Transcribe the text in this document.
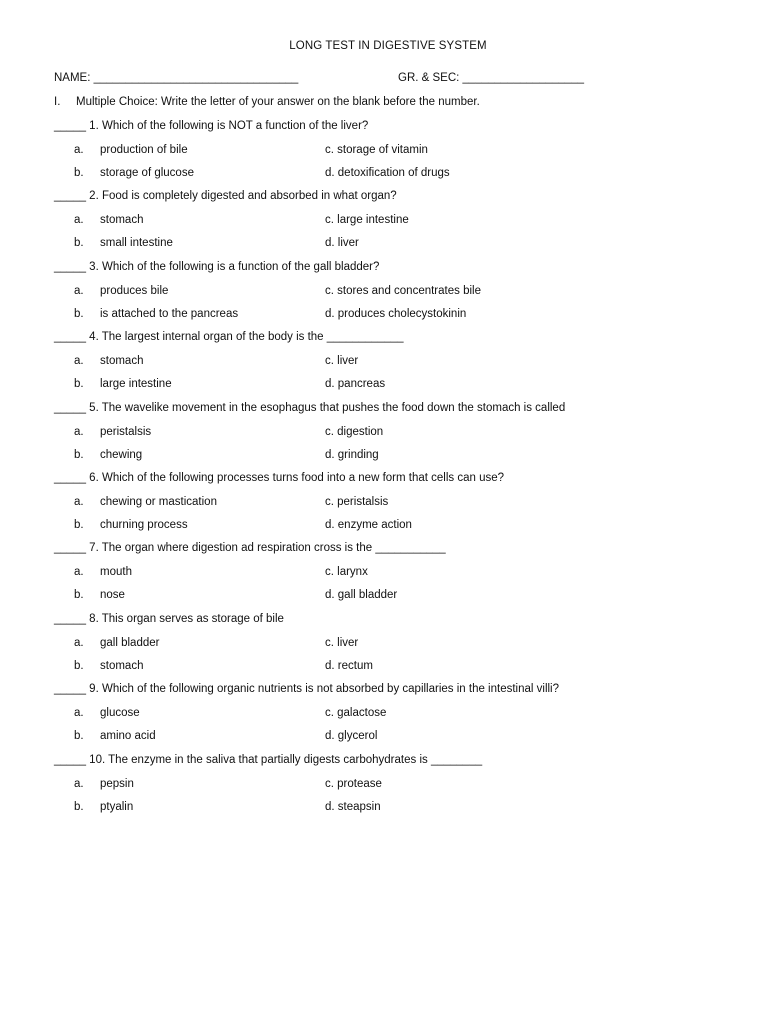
LONG TEST IN DIGESTIVE SYSTEM
NAME: ________________________________	GR. & SEC: ___________________
I. Multiple Choice: Write the letter of your answer on the blank before the number.
_____ 1. Which of the following is NOT a function of the liver?
a. production of bile	c. storage of vitamin
b. storage of glucose	d. detoxification of drugs
_____ 2. Food is completely digested and absorbed in what organ?
a. stomach	c. large intestine
b. small intestine	d. liver
_____ 3. Which of the following is a function of the gall bladder?
a. produces bile	c. stores and concentrates bile
b. is attached to the pancreas	d. produces cholecystokinin
_____ 4. The largest internal organ of the body is the ____________
a. stomach	c. liver
b. large intestine	d. pancreas
_____ 5. The wavelike movement in the esophagus that pushes the food down the stomach is called
a. peristalsis	c. digestion
b. chewing	d. grinding
_____ 6. Which of the following processes turns food into a new form that cells can use?
a. chewing or mastication	c. peristalsis
b. churning process	d. enzyme action
_____ 7. The organ where digestion ad respiration cross is the ___________
a. mouth	c. larynx
b. nose	d. gall bladder
_____ 8. This organ serves as storage of bile
a. gall bladder	c. liver
b. stomach	d. rectum
_____ 9. Which of the following organic nutrients is not absorbed by capillaries in the intestinal villi?
a. glucose	c. galactose
b. amino acid	d. glycerol
_____ 10. The enzyme in the saliva that partially digests carbohydrates is ________
a. pepsin	c. protease
b. ptyalin	d. steapsin
